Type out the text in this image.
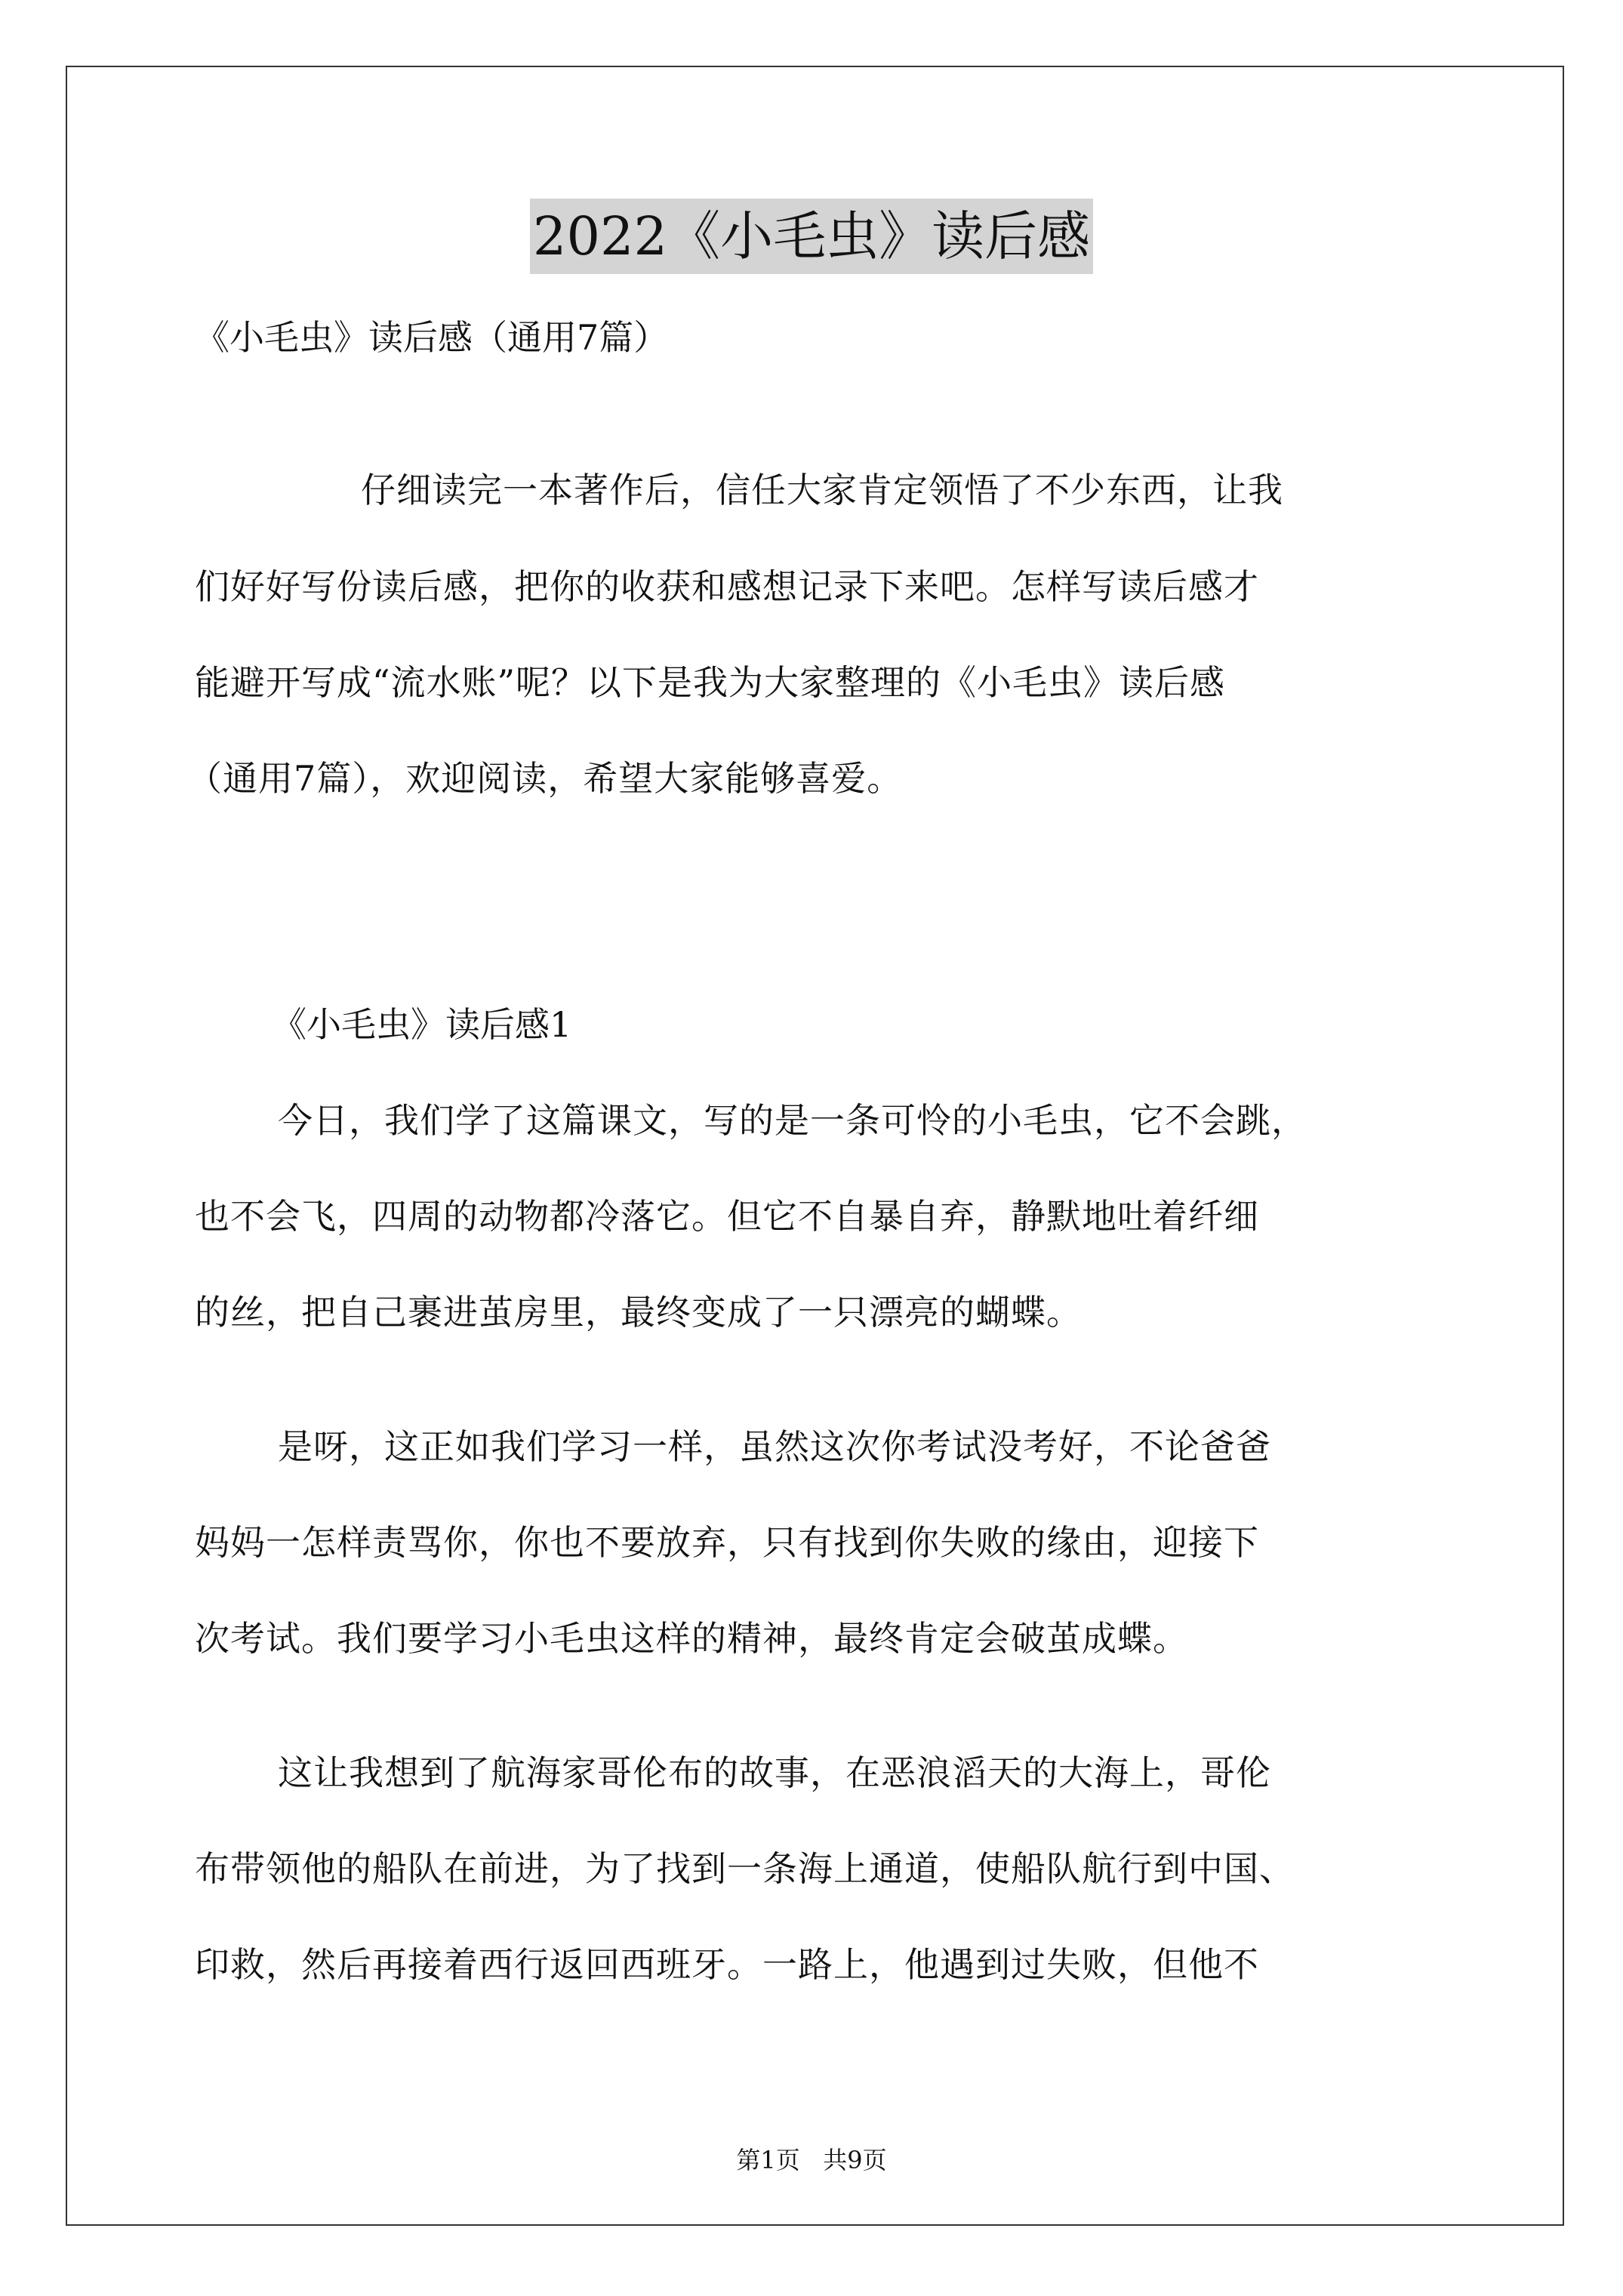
2022《小毛虫》读后感
《小毛虫》读后感（通用7篇）
仔细读完一本著作后，信任大家肯定领悟了不少东西，让我
们好好写份读后感，把你的收获和感想记录下来吧。怎样写读后感才
能避开写成“流水账”呢？以下是我为大家整理的《小毛虫》读后感
（通用7篇），欢迎阅读，希望大家能够喜爱。
《小毛虫》读后感1
今日，我们学了这篇课文，写的是一条可怜的小毛虫，它不会跳，
也不会飞，四周的动物都冷落它。但它不自暴自弃，静默地吐着纤细
的丝，把自己裹进茧房里，最终变成了一只漂亮的蝴蝶。
是呀，这正如我们学习一样，虽然这次你考试没考好，不论爸爸
妈妈一怎样责骂你，你也不要放弃，只有找到你失败的缘由，迎接下
次考试。我们要学习小毛虫这样的精神，最终肯定会破茧成蝶。
这让我想到了航海家哥伦布的故事，在恶浪滔天的大海上，哥伦
布带领他的船队在前进，为了找到一条海上通道，使船队航行到中国、
印救，然后再接着西行返回西班牙。一路上，他遇到过失败，但他不
第1页 共9页
